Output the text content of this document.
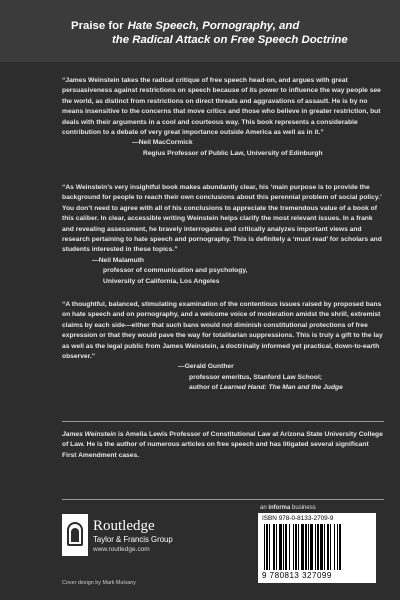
Praise for Hate Speech, Pornography, and
the Radical Attack on Free Speech Doctrine

“James Weinstein takes the radical critique of free speech head-on, and argues with great persuasiveness against restrictions on speech because of its power to influence the way people see the world, as distinct from restrictions on direct threats and aggravations of assault. He is by no means insensitive to the concerns that move critics and those who believe in greater restriction, but deals with their arguments in a cool and courteous way. This book represents a considerable contribution to a debate of very great importance outside America as well as in it.”

—Neil MacCormick
Regius Professor of Public Law, University of Edinburgh

“As Weinstein’s very insightful book makes abundantly clear, his ‘main purpose is to provide the background for people to reach their own conclusions about this perennial problem of social policy.’ You don’t need to agree with all of his conclusions to appreciate the tremendous value of a book of this caliber. In clear, accessible writing Weinstein helps clarify the most relevant issues. In a frank and revealing assessment, he bravely interrogates and critically analyzes important views and research pertaining to hate speech and pornography. This is definitely a ‘must read’ for scholars and students interested in these topics.”

—Neil Malamuth
professor of communication and psychology,
University of California, Los Angeles

“A thoughtful, balanced, stimulating examination of the contentious issues raised by proposed bans on hate speech and on pornography, and a welcome voice of moderation amidst the shrill, extremist claims by each side—either that such bans would not diminish constitutional protections of free expression or that they would pave the way for totalitarian suppressions. This is truly a gift to the lay as well as the legal public from James Weinstein, a doctrinally informed yet practical, down-to-earth observer.”

—Gerald Gunther
professor emeritus, Stanford Law School;
author of Learned Hand: The Man and the Judge
James Weinstein is Amelia Lewis Professor of Constitutional Law at Arizona State University College of Law. He is the author of numerous articles on free speech and has litigated several significant First Amendment cases.
Routledge
Taylor & Francis Group
www.routledge.com
Cover design by Mark Mulvany
an informa business
ISBN 978-0-8133-2709-9
9 780813 327099
